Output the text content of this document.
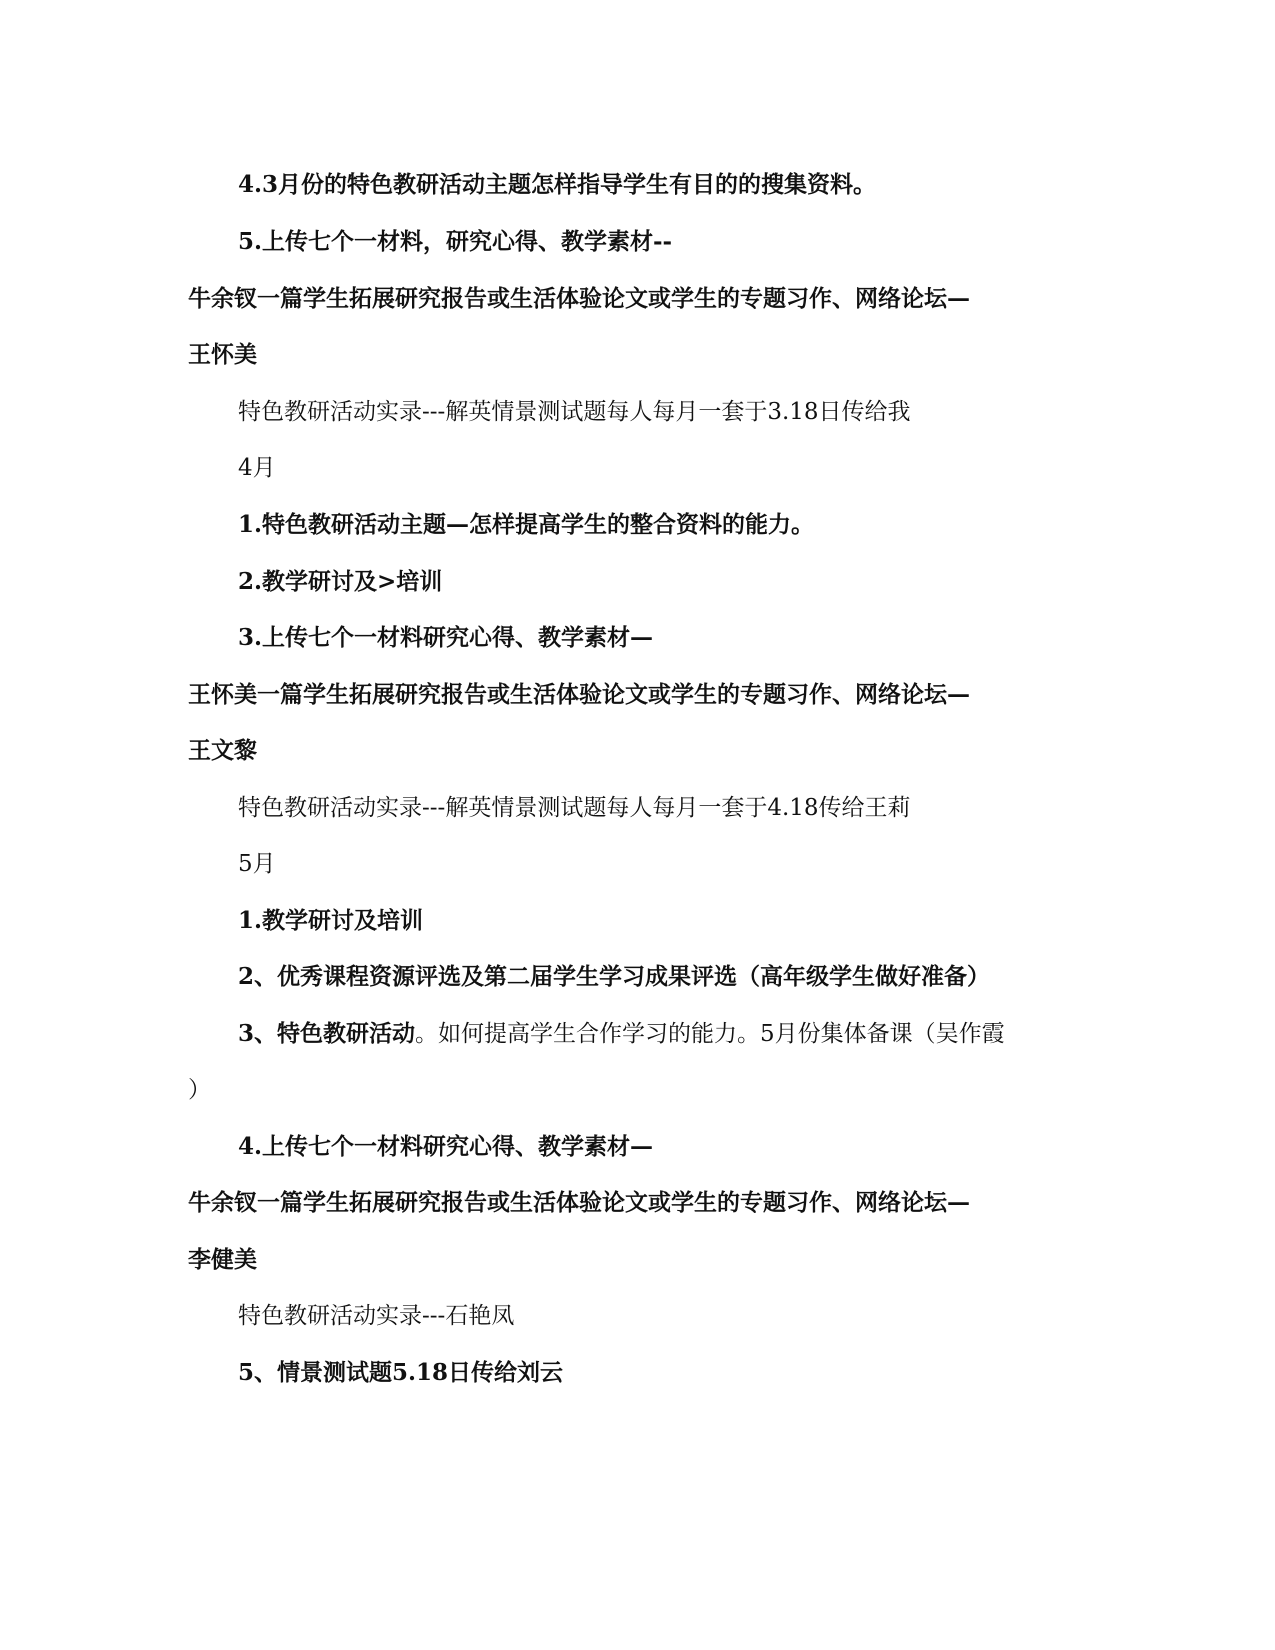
4.3月份的特色教研活动主题怎样指导学生有目的的搜集资料。
5.上传七个一材料，研究心得、教学素材--
牛余钗一篇学生拓展研究报告或生活体验论文或学生的专题习作、网络论坛—
王怀美
特色教研活动实录---解英情景测试题每人每月一套于3.18日传给我
4月
1.特色教研活动主题—怎样提高学生的整合资料的能力。
2.教学研讨及>培训
3.上传七个一材料研究心得、教学素材—
王怀美一篇学生拓展研究报告或生活体验论文或学生的专题习作、网络论坛—
王文黎
特色教研活动实录---解英情景测试题每人每月一套于4.18传给王莉
5月
1.教学研讨及培训
2、优秀课程资源评选及第二届学生学习成果评选（高年级学生做好准备）
3、特色教研活动。如何提高学生合作学习的能力。5月份集体备课（吴作霞
）
4.上传七个一材料研究心得、教学素材—
牛余钗一篇学生拓展研究报告或生活体验论文或学生的专题习作、网络论坛—
李健美
特色教研活动实录---石艳凤
5、情景测试题5.18日传给刘云
